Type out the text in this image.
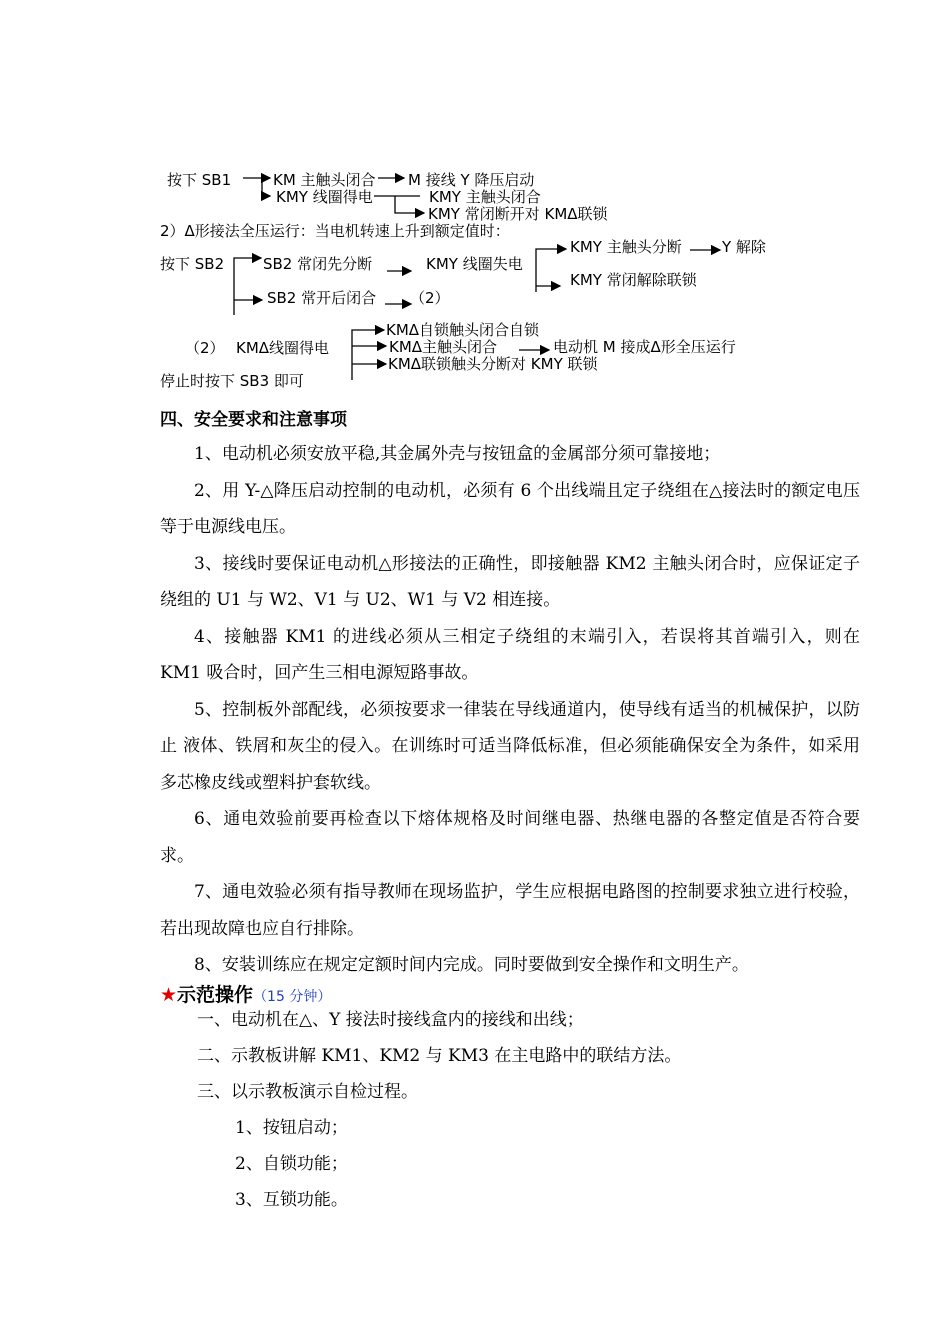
按下 SB1	KM 主触头闭合 M 接线 Y 降压启动
KMY 线圈得电	KMY 主触头闭合
KMY 常闭断开对 KMΔ联锁
2）Δ形接法全压运行：当电机转速上升到额定值时：
按下 SB2	SB2 常闭先分断	KMY 线圈失电
KMY 主触头分断	Y 解除
KMY 常闭解除联锁
SB2 常开后闭合 （2）
（2） KMΔ线圈得电
KMΔ自锁触头闭合自锁
KMΔ主触头闭合	电动机 M 接成Δ形全压运行
KMΔ联锁触头分断对 KMY 联锁
停止时按下 SB3 即可
四、安全要求和注意事项

1、电动机必须安放平稳,其金属外壳与按钮盒的金属部分须可靠接地；

2、用 Y-△降压启动控制的电动机，必须有 6 个出线端且定子绕组在△接法时的额定电压等于电源线电压。

3、接线时要保证电动机△形接法的正确性，即接触器 KM2 主触头闭合时，应保证定子绕组的 U1 与 W2、V1 与 U2、W1 与 V2 相连接。

4、接触器 KM1 的进线必须从三相定子绕组的末端引入，若误将其首端引入，则在 KM1 吸合时，回产生三相电源短路事故。

5、控制板外部配线，必须按要求一律装在导线通道内，使导线有适当的机械保护，以防止 液体、铁屑和灰尘的侵入。在训练时可适当降低标准，但必须能确保安全为条件，如采用多芯橡皮线或塑料护套软线。

6、通电效验前要再检查以下熔体规格及时间继电器、热继电器的各整定值是否符合要求。

7、通电效验必须有指导教师在现场监护，学生应根据电路图的控制要求独立进行校验，若出现故障也应自行排除。

8、安装训练应在规定定额时间内完成。同时要做到安全操作和文明生产。

★示范操作（15 分钟）
一、电动机在△、Y 接法时接线盒内的接线和出线；
二、示教板讲解 KM1、KM2 与 KM3 在主电路中的联结方法。
三、以示教板演示自检过程。
1、按钮启动；
2、自锁功能；
3、互锁功能。
